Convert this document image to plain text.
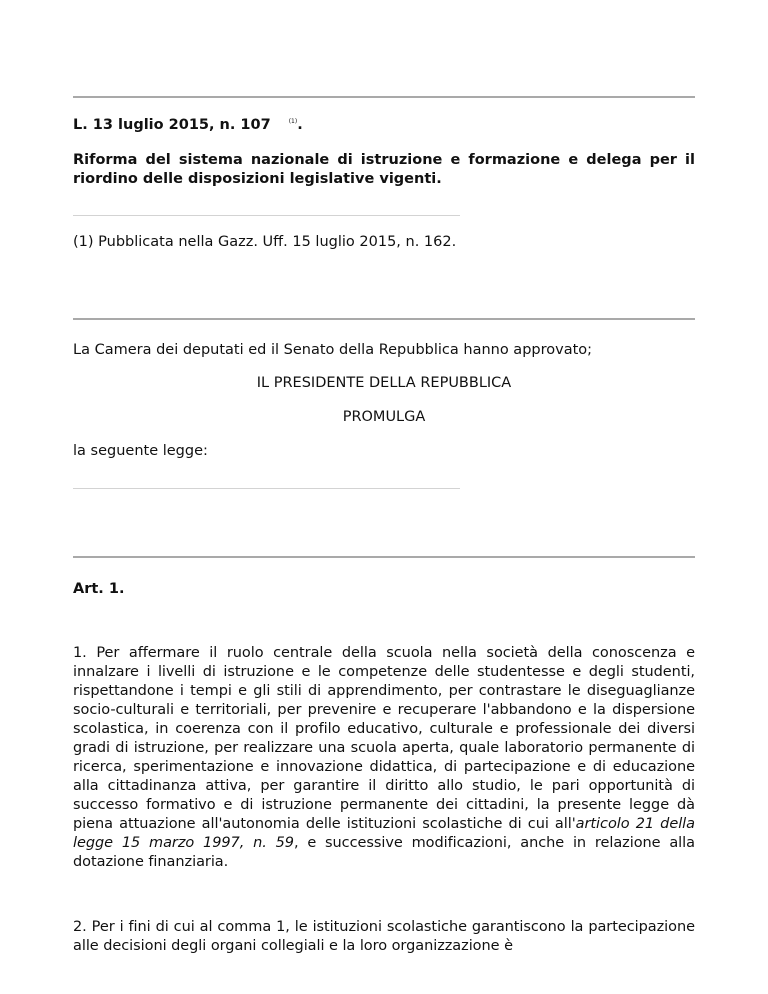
L. 13 luglio 2015, n. 107	$^{(1)}$.
Riforma del sistema nazionale di istruzione e formazione e delega per il riordino delle disposizioni legislative vigenti.
(1) Pubblicata nella Gazz. Uff. 15 luglio 2015, n. 162.
La Camera dei deputati ed il Senato della Repubblica hanno approvato;
IL PRESIDENTE DELLA REPUBBLICA
PROMULGA
la seguente legge:
Art. 1.
1. Per affermare il ruolo centrale della scuola nella società della conoscenza e innalzare i livelli di istruzione e le competenze delle studentesse e degli studenti, rispettandone i tempi e gli stili di apprendimento, per contrastare le diseguaglianze socio-culturali e territoriali, per prevenire e recuperare l'abbandono e la dispersione scolastica, in coerenza con il profilo educativo, culturale e professionale dei diversi gradi di istruzione, per realizzare una scuola aperta, quale laboratorio permanente di ricerca, sperimentazione e innovazione didattica, di partecipazione e di educazione alla cittadinanza attiva, per garantire il diritto allo studio, le pari opportunità di successo formativo e di istruzione permanente dei cittadini, la presente legge dà piena attuazione all'autonomia delle istituzioni scolastiche di cui all'articolo 21 della legge 15 marzo 1997, n. 59, e successive modificazioni, anche in relazione alla dotazione finanziaria.
2. Per i fini di cui al comma 1, le istituzioni scolastiche garantiscono la partecipazione alle decisioni degli organi collegiali e la loro organizzazione è
